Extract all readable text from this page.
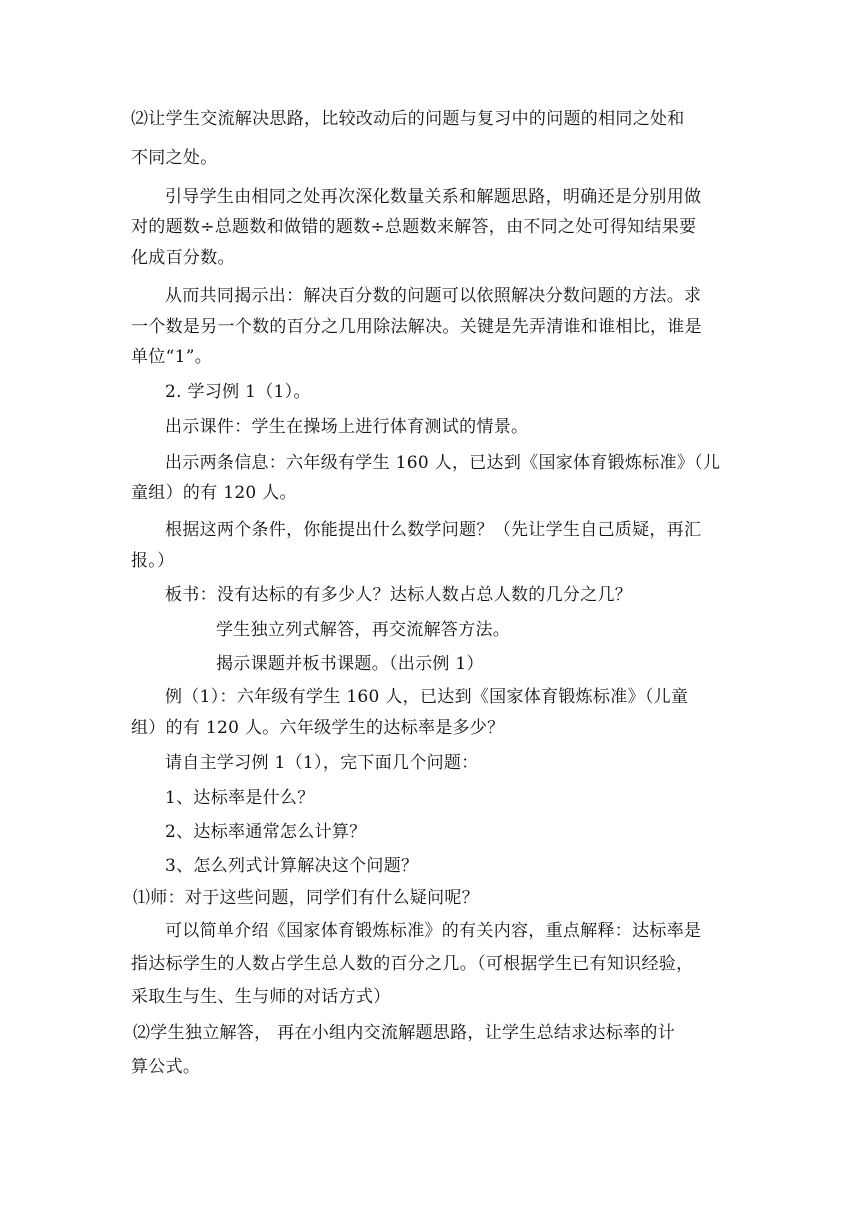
⑵让学生交流解决思路，比较改动后的问题与复习中的问题的相同之处和
不同之处。
引导学生由相同之处再次深化数量关系和解题思路，明确还是分别用做
对的题数÷总题数和做错的题数÷总题数来解答，由不同之处可得知结果要
化成百分数。
从而共同揭示出：解决百分数的问题可以依照解决分数问题的方法。求
一个数是另一个数的百分之几用除法解决。关键是先弄清谁和谁相比，谁是
单位“1”。
2. 学习例 1（1）。
出示课件：学生在操场上进行体育测试的情景。
出示两条信息：六年级有学生 160 人，已达到《国家体育锻炼标准》（儿
童组）的有 120 人。
根据这两个条件，你能提出什么数学问题？（先让学生自己质疑，再汇
报。）
板书：没有达标的有多少人？达标人数占总人数的几分之几？
学生独立列式解答，再交流解答方法。
揭示课题并板书课题。（出示例 1）
例（1）：六年级有学生 160 人，已达到《国家体育锻炼标准》（儿童
组）的有 120 人。六年级学生的达标率是多少？
请自主学习例 1（1），完下面几个问题：
1、达标率是什么？
2、达标率通常怎么计算？
3、怎么列式计算解决这个问题？
⑴师：对于这些问题，同学们有什么疑问呢？
可以简单介绍《国家体育锻炼标准》的有关内容，重点解释：达标率是
指达标学生的人数占学生总人数的百分之几。（可根据学生已有知识经验，
采取生与生、生与师的对话方式）
⑵学生独立解答， 再在小组内交流解题思路，让学生总结求达标率的计
算公式。
